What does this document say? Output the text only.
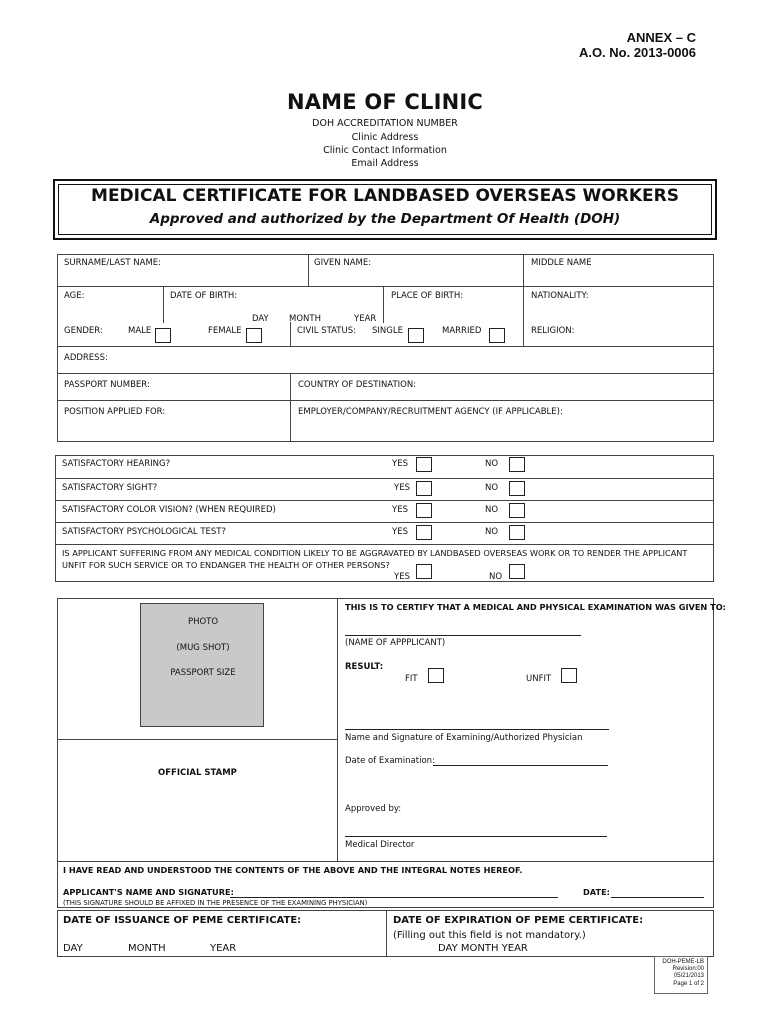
ANNEX – C
A.O. No. 2013-0006
NAME OF CLINIC
DOH ACCREDITATION NUMBER
Clinic Address
Clinic Contact Information
Email Address
MEDICAL CERTIFICATE FOR LANDBASED OVERSEAS WORKERS
Approved and authorized by the Department Of Health (DOH)
SURNAME/LAST NAME:	GIVEN NAME:	MIDDLE NAME
AGE:	DATE OF BIRTH:	PLACE OF BIRTH:	NATIONALITY:
DAY MONTH	YEAR
GENDER:	MALE	FEMALE	CIVIL STATUS: SINGLE	MARRIED	RELIGION:
ADDRESS:
PASSPORT NUMBER:	COUNTRY OF DESTINATION:
POSITION APPLIED FOR:	EMPLOYER/COMPANY/RECRUITMENT AGENCY (IF APPLICABLE):
SATISFACTORY HEARING?	YES	NO
SATISFACTORY SIGHT?	YES	NO
SATISFACTORY COLOR VISION? (WHEN REQUIRED)	YES	NO
SATISFACTORY PSYCHOLOGICAL TEST?	YES	NO
IS APPLICANT SUFFERING FROM ANY MEDICAL CONDITION LIKELY TO BE AGGRAVATED BY LANDBASED OVERSEAS WORK OR TO RENDER THE APPLICANT
UNFIT FOR SUCH SERVICE OR TO ENDANGER THE HEALTH OF OTHER PERSONS?
YES	NO
PHOTO
(MUG SHOT)
PASSPORT SIZE
OFFICIAL STAMP
THIS IS TO CERTIFY THAT A MEDICAL AND PHYSICAL EXAMINATION WAS GIVEN TO:
(NAME OF APPPLICANT)
RESULT:
FIT	UNFIT
Name and Signature of Examining/Authorized Physician
Date of Examination:
Approved by:
Medical Director
I HAVE READ AND UNDERSTOOD THE CONTENTS OF THE ABOVE AND THE INTEGRAL NOTES HEREOF.
APPLICANT'S NAME AND SIGNATURE:	DATE:
(THIS SIGNATURE SHOULD BE AFFIXED IN THE PRESENCE OF THE EXAMINING PHYSICIAN)
DATE OF ISSUANCE OF PEME CERTIFICATE:
DAY	MONTH	YEAR
DATE OF EXPIRATION OF PEME CERTIFICATE:
(Filling out this field is not mandatory.)
DAY MONTH YEAR
DOH-PEME-LB
Revision:00
05/21/2013
Page 1 of 2
